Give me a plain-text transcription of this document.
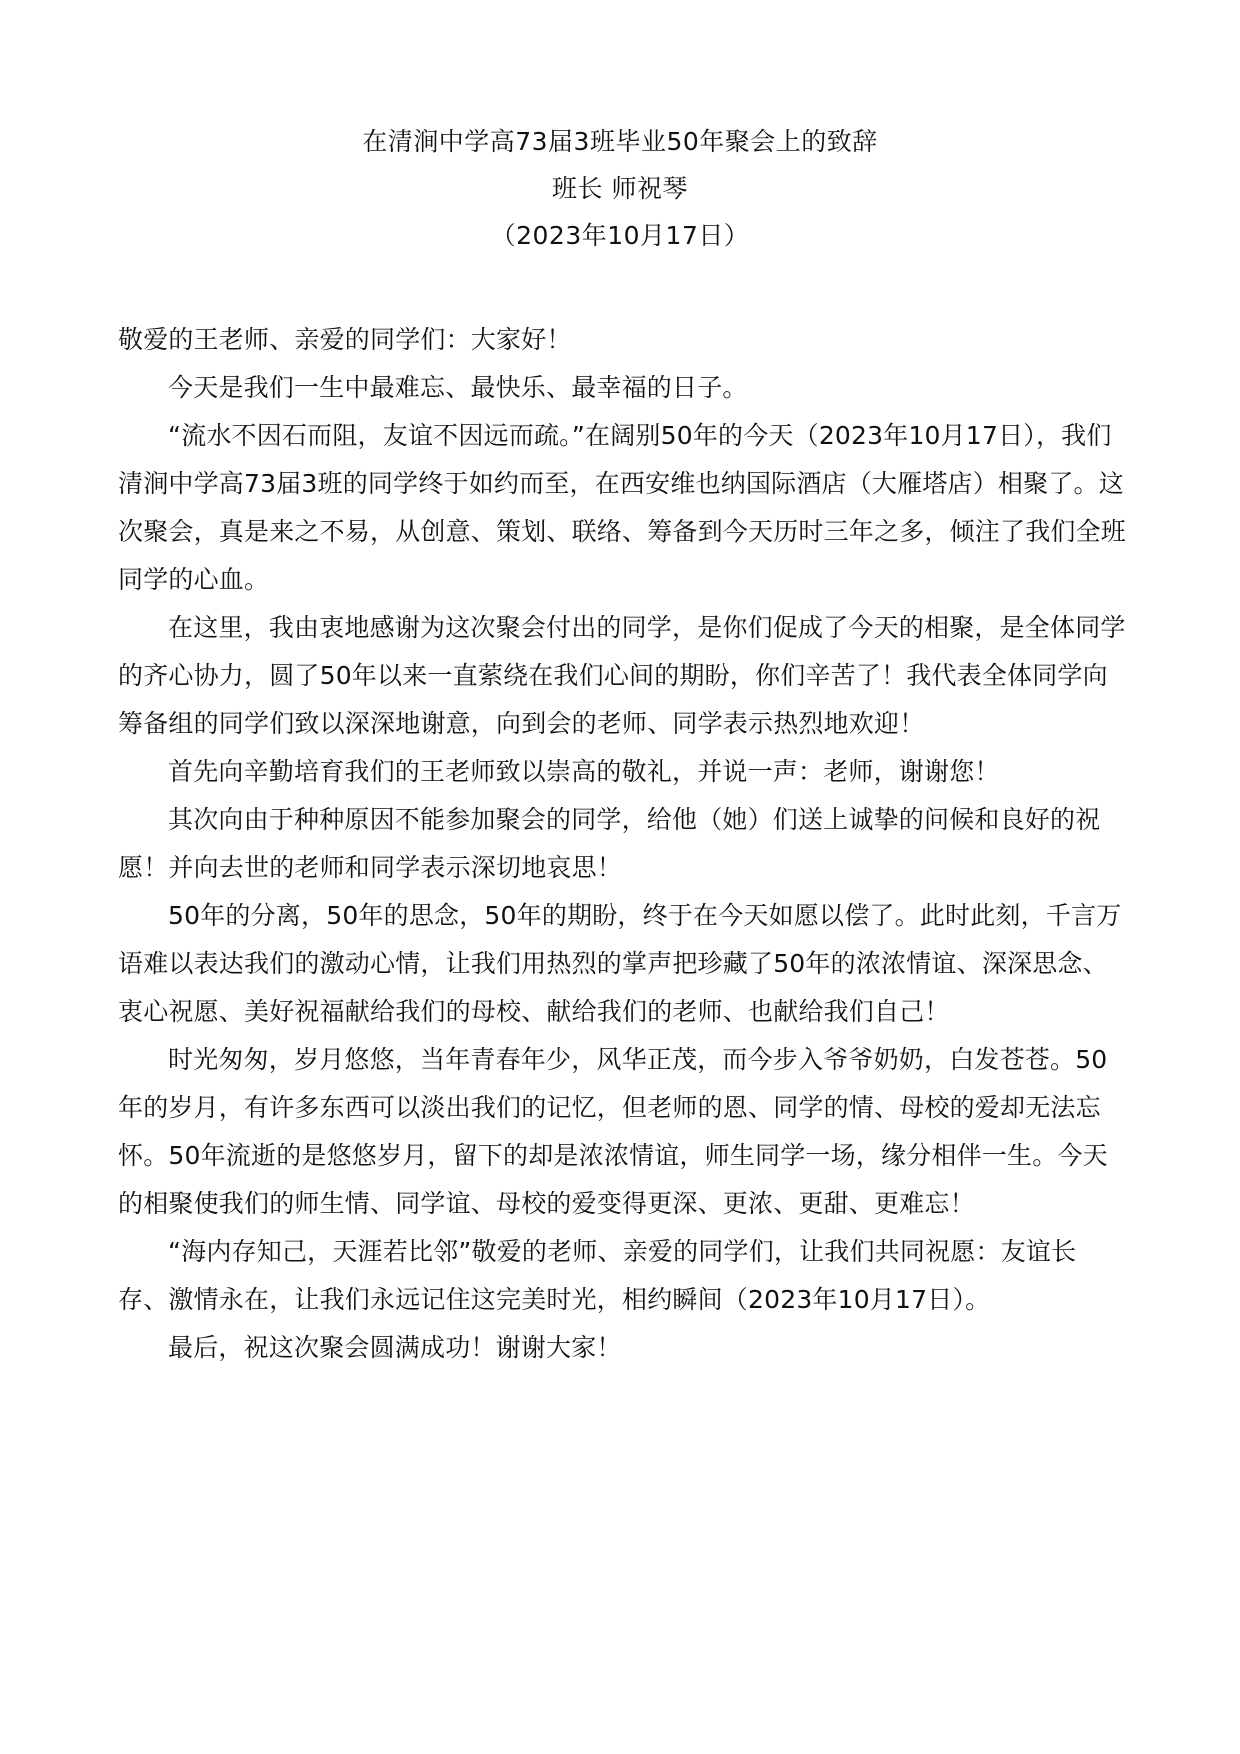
在清涧中学高73届3班毕业50年聚会上的致辞
班长 师祝琴
（2023年10月17日）

敬爱的王老师、亲爱的同学们：大家好！

今天是我们一生中最难忘、最快乐、最幸福的日子。

“流水不因石而阻，友谊不因远而疏。”在阔别50年的今天（2023年10月17日），我们清涧中学高73届3班的同学终于如约而至，在西安维也纳国际酒店（大雁塔店）相聚了。这次聚会，真是来之不易，从创意、策划、联络、筹备到今天历时三年之多，倾注了我们全班同学的心血。

在这里，我由衷地感谢为这次聚会付出的同学，是你们促成了今天的相聚，是全体同学的齐心协力，圆了50年以来一直萦绕在我们心间的期盼，你们辛苦了！我代表全体同学向筹备组的同学们致以深深地谢意，向到会的老师、同学表示热烈地欢迎！

首先向辛勤培育我们的王老师致以崇高的敬礼，并说一声：老师，谢谢您！

其次向由于种种原因不能参加聚会的同学，给他（她）们送上诚挚的问候和良好的祝愿！并向去世的老师和同学表示深切地哀思！

50年的分离，50年的思念，50年的期盼，终于在今天如愿以偿了。此时此刻，千言万语难以表达我们的激动心情，让我们用热烈的掌声把珍藏了50年的浓浓情谊、深深思念、衷心祝愿、美好祝福献给我们的母校、献给我们的老师、也献给我们自己！

时光匆匆，岁月悠悠，当年青春年少，风华正茂，而今步入爷爷奶奶，白发苍苍。50年的岁月，有许多东西可以淡出我们的记忆，但老师的恩、同学的情、母校的爱却无法忘怀。50年流逝的是悠悠岁月，留下的却是浓浓情谊，师生同学一场，缘分相伴一生。今天的相聚使我们的师生情、同学谊、母校的爱变得更深、更浓、更甜、更难忘！

“海内存知己，天涯若比邻”敬爱的老师、亲爱的同学们，让我们共同祝愿：友谊长存、激情永在，让我们永远记住这完美时光，相约瞬间（2023年10月17日）。

最后，祝这次聚会圆满成功！谢谢大家！
